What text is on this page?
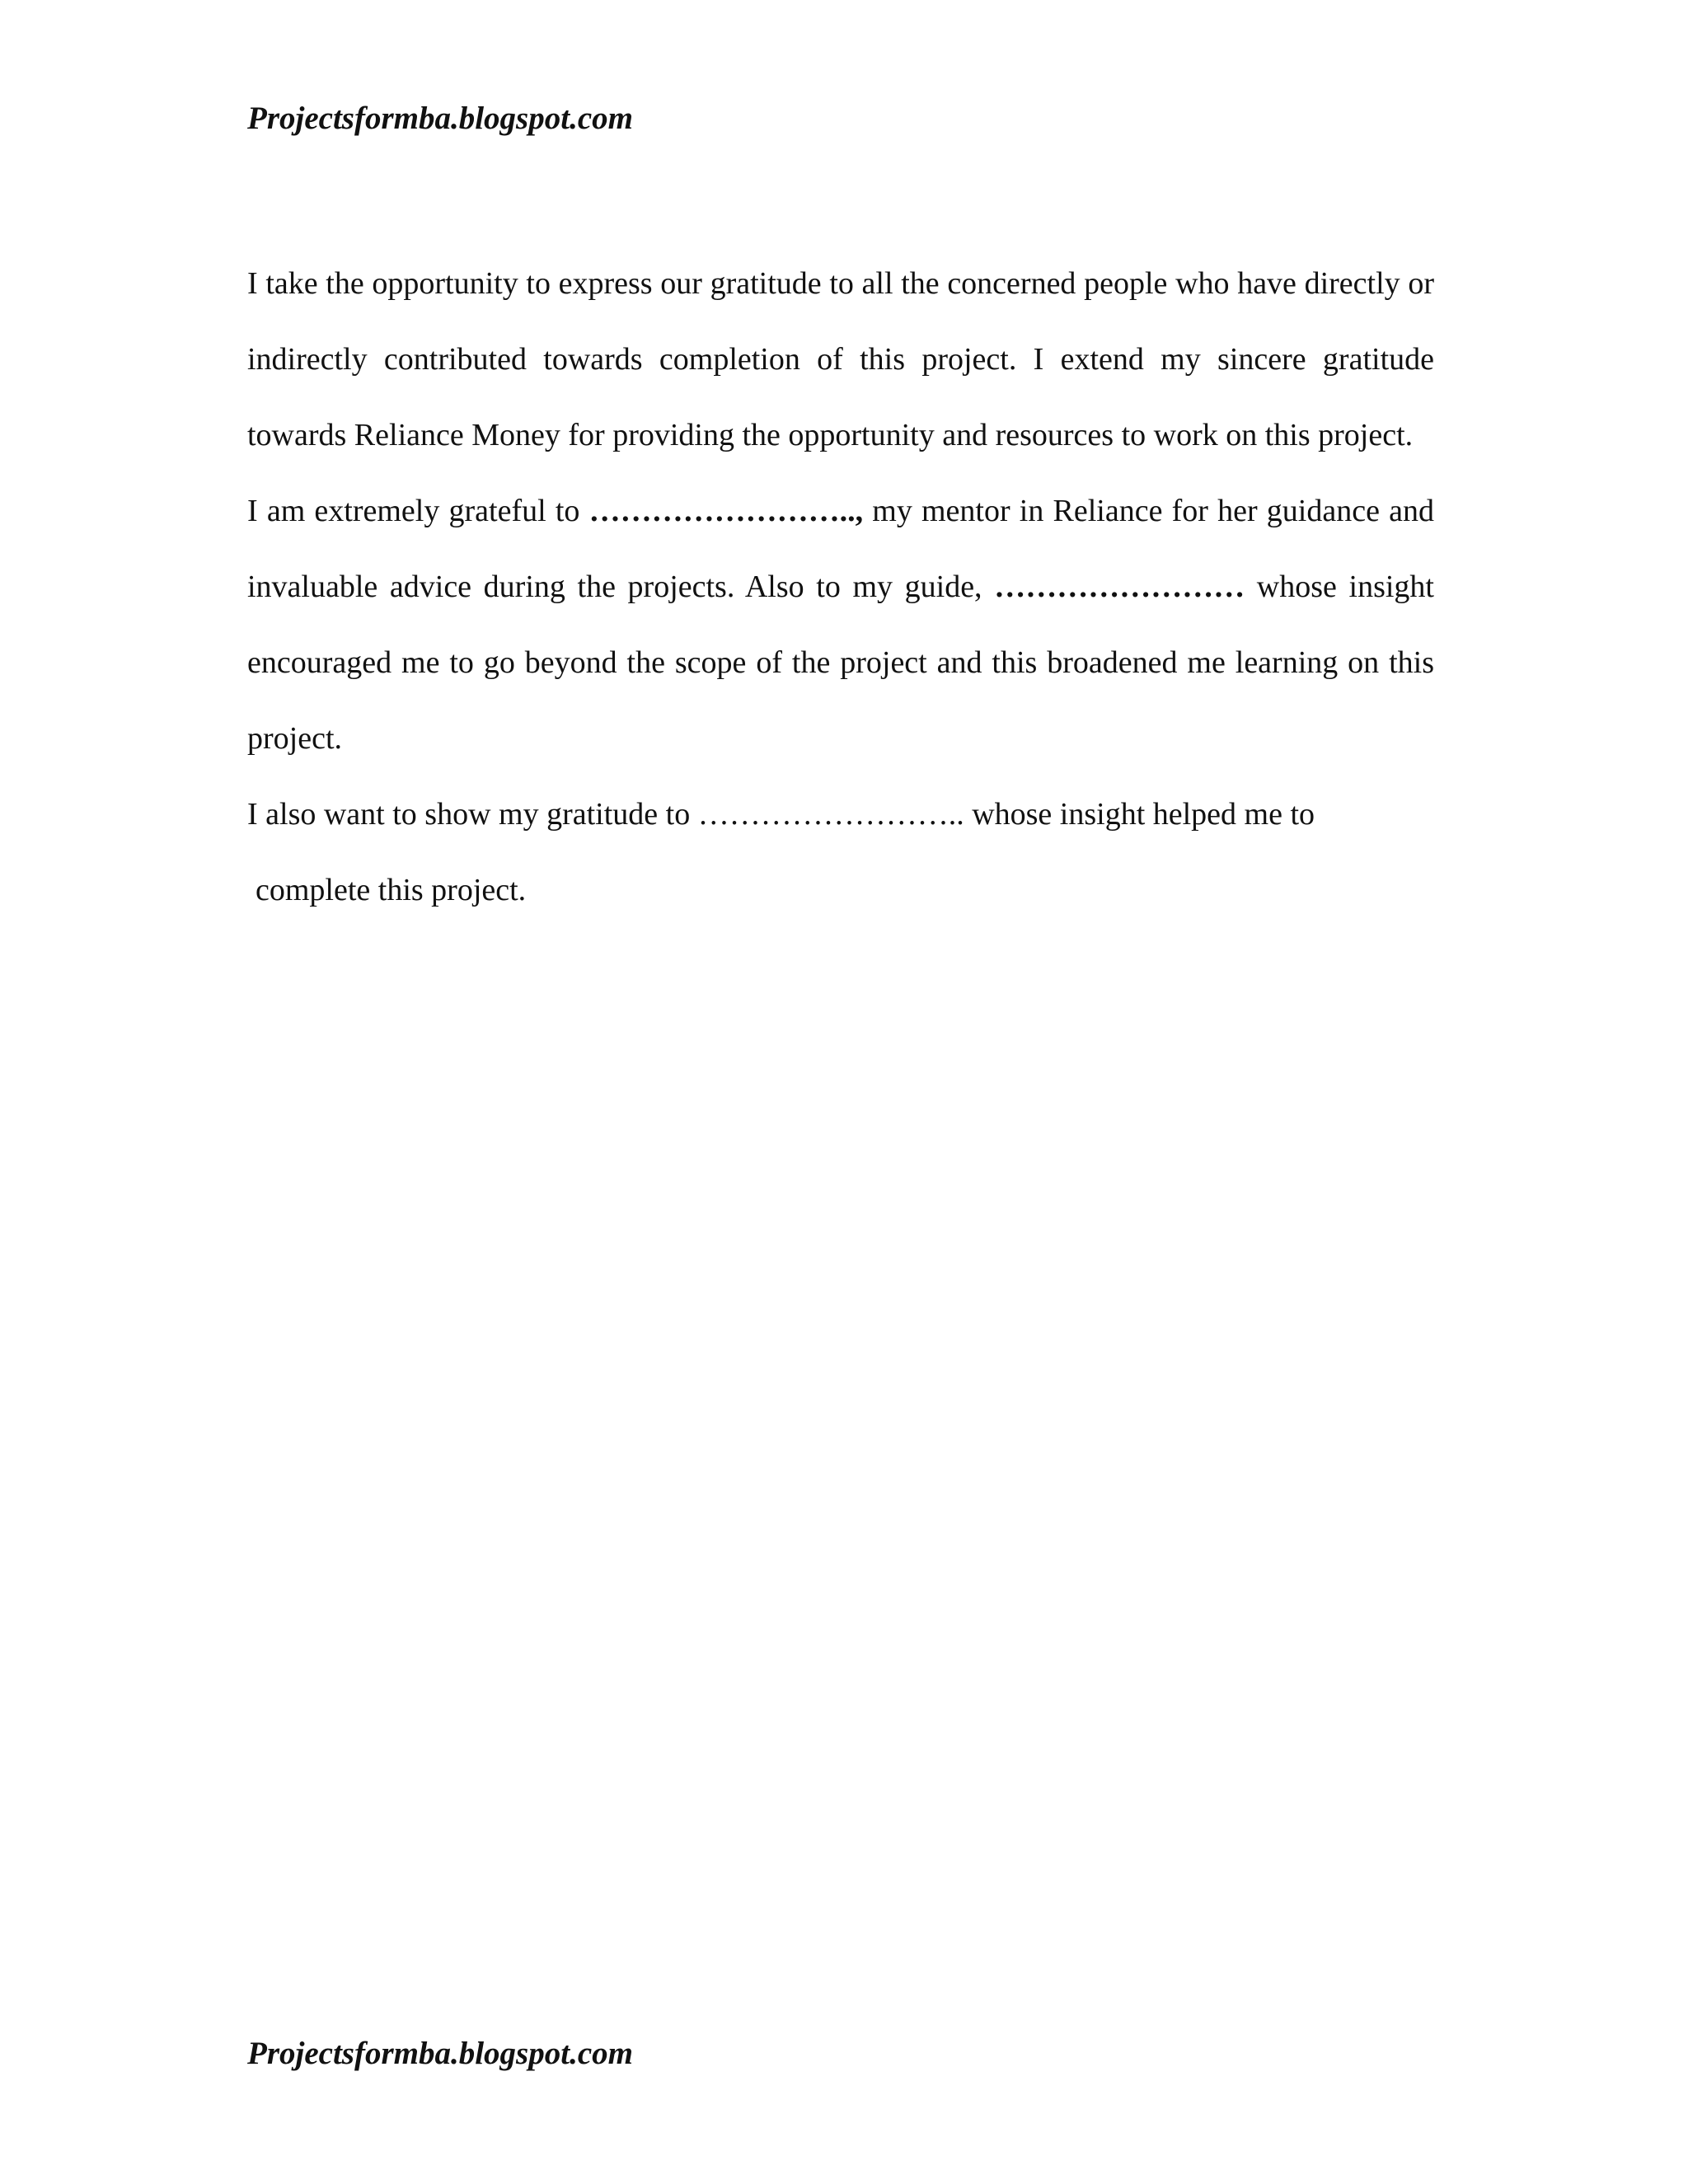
Projectsformba.blogspot.com

I take the opportunity to express our gratitude to all the concerned people who have directly or indirectly contributed towards completion of this project. I extend my sincere gratitude towards Reliance Money for providing the opportunity and resources to work on this project.

I am extremely grateful to …………………….., my mentor in Reliance for her guidance and invaluable advice during the projects. Also to my guide, …………………… whose insight encouraged me to go beyond the scope of the project and this broadened me learning on this project.

I also want to show my gratitude to …………………….. whose insight helped me to
complete this project.

Projectsformba.blogspot.com
